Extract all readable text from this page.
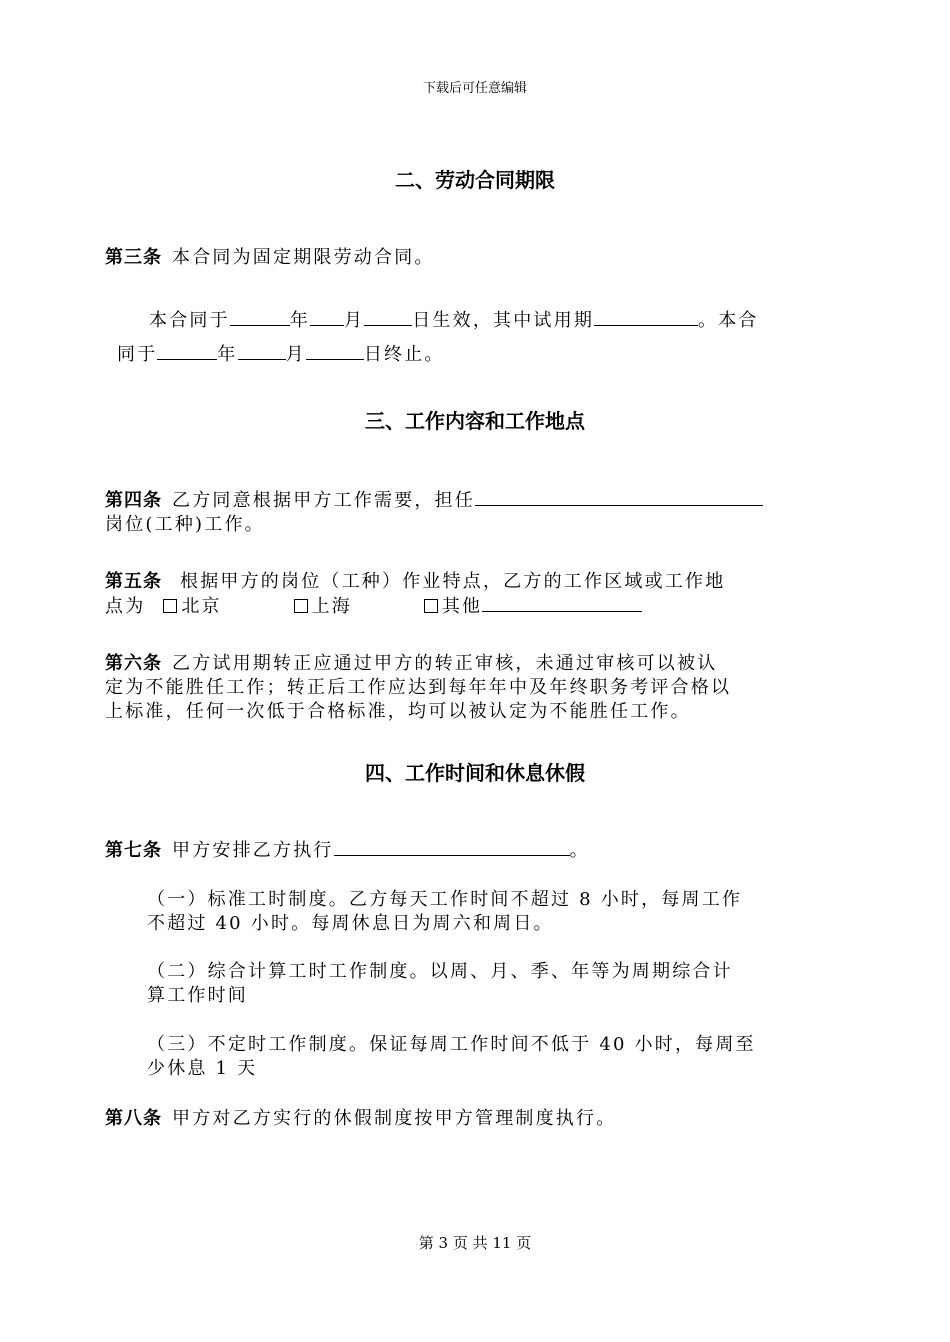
下载后可任意编辑
二、劳动合同期限
第三条 本合同为固定期限劳动合同。
本合同于	年 月	日生效，其中试用期	。本合
同于	年	月	日终止。
三、工作内容和工作地点
第四条 乙方同意根据甲方工作需要，担任
岗位(工种)工作。
第五条 根据甲方的岗位（工种）作业特点，乙方的工作区域或工作地
点为 北京	上海	其他
第六条 乙方试用期转正应通过甲方的转正审核，未通过审核可以被认
定为不能胜任工作；转正后工作应达到每年年中及年终职务考评合格以
上标准，任何一次低于合格标准，均可以被认定为不能胜任工作。
四、工作时间和休息休假
第七条 甲方安排乙方执行	。
（一）标准工时制度。乙方每天工作时间不超过 8 小时，每周工作
不超过 40 小时。每周休息日为周六和周日。
（二）综合计算工时工作制度。以周、月、季、年等为周期综合计
算工作时间
（三）不定时工作制度。保证每周工作时间不低于 40 小时，每周至
少休息 1 天
第八条 甲方对乙方实行的休假制度按甲方管理制度执行。
第 3 页 共 11 页
